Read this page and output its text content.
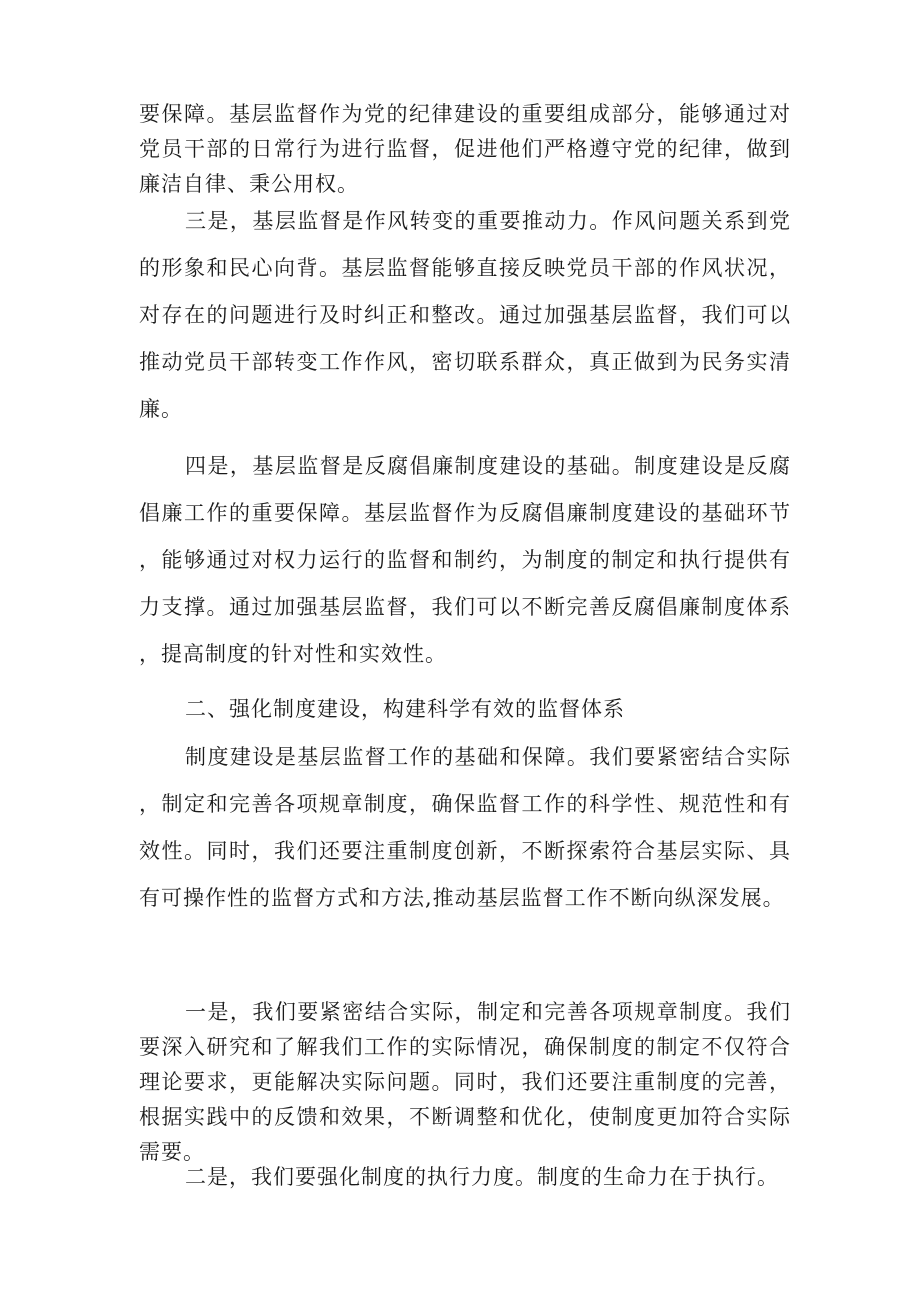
要保障。基层监督作为党的纪律建设的重要组成部分，能够通过对党员干部的日常行为进行监督，促进他们严格遵守党的纪律，做到廉洁自律、秉公用权。

三是，基层监督是作风转变的重要推动力。作风问题关系到党的形象和民心向背。基层监督能够直接反映党员干部的作风状况，对存在的问题进行及时纠正和整改。通过加强基层监督，我们可以推动党员干部转变工作作风，密切联系群众，真正做到为民务实清廉。

四是，基层监督是反腐倡廉制度建设的基础。制度建设是反腐倡廉工作的重要保障。基层监督作为反腐倡廉制度建设的基础环节，能够通过对权力运行的监督和制约，为制度的制定和执行提供有力支撑。通过加强基层监督，我们可以不断完善反腐倡廉制度体系，提高制度的针对性和实效性。

二、强化制度建设，构建科学有效的监督体系

制度建设是基层监督工作的基础和保障。我们要紧密结合实际，制定和完善各项规章制度，确保监督工作的科学性、规范性和有效性。同时，我们还要注重制度创新，不断探索符合基层实际、具有可操作性的监督方式和方法,推动基层监督工作不断向纵深发展。

一是，我们要紧密结合实际，制定和完善各项规章制度。我们要深入研究和了解我们工作的实际情况，确保制度的制定不仅符合理论要求，更能解决实际问题。同时，我们还要注重制度的完善，根据实践中的反馈和效果，不断调整和优化，使制度更加符合实际需要。

二是，我们要强化制度的执行力度。制度的生命力在于执行。
